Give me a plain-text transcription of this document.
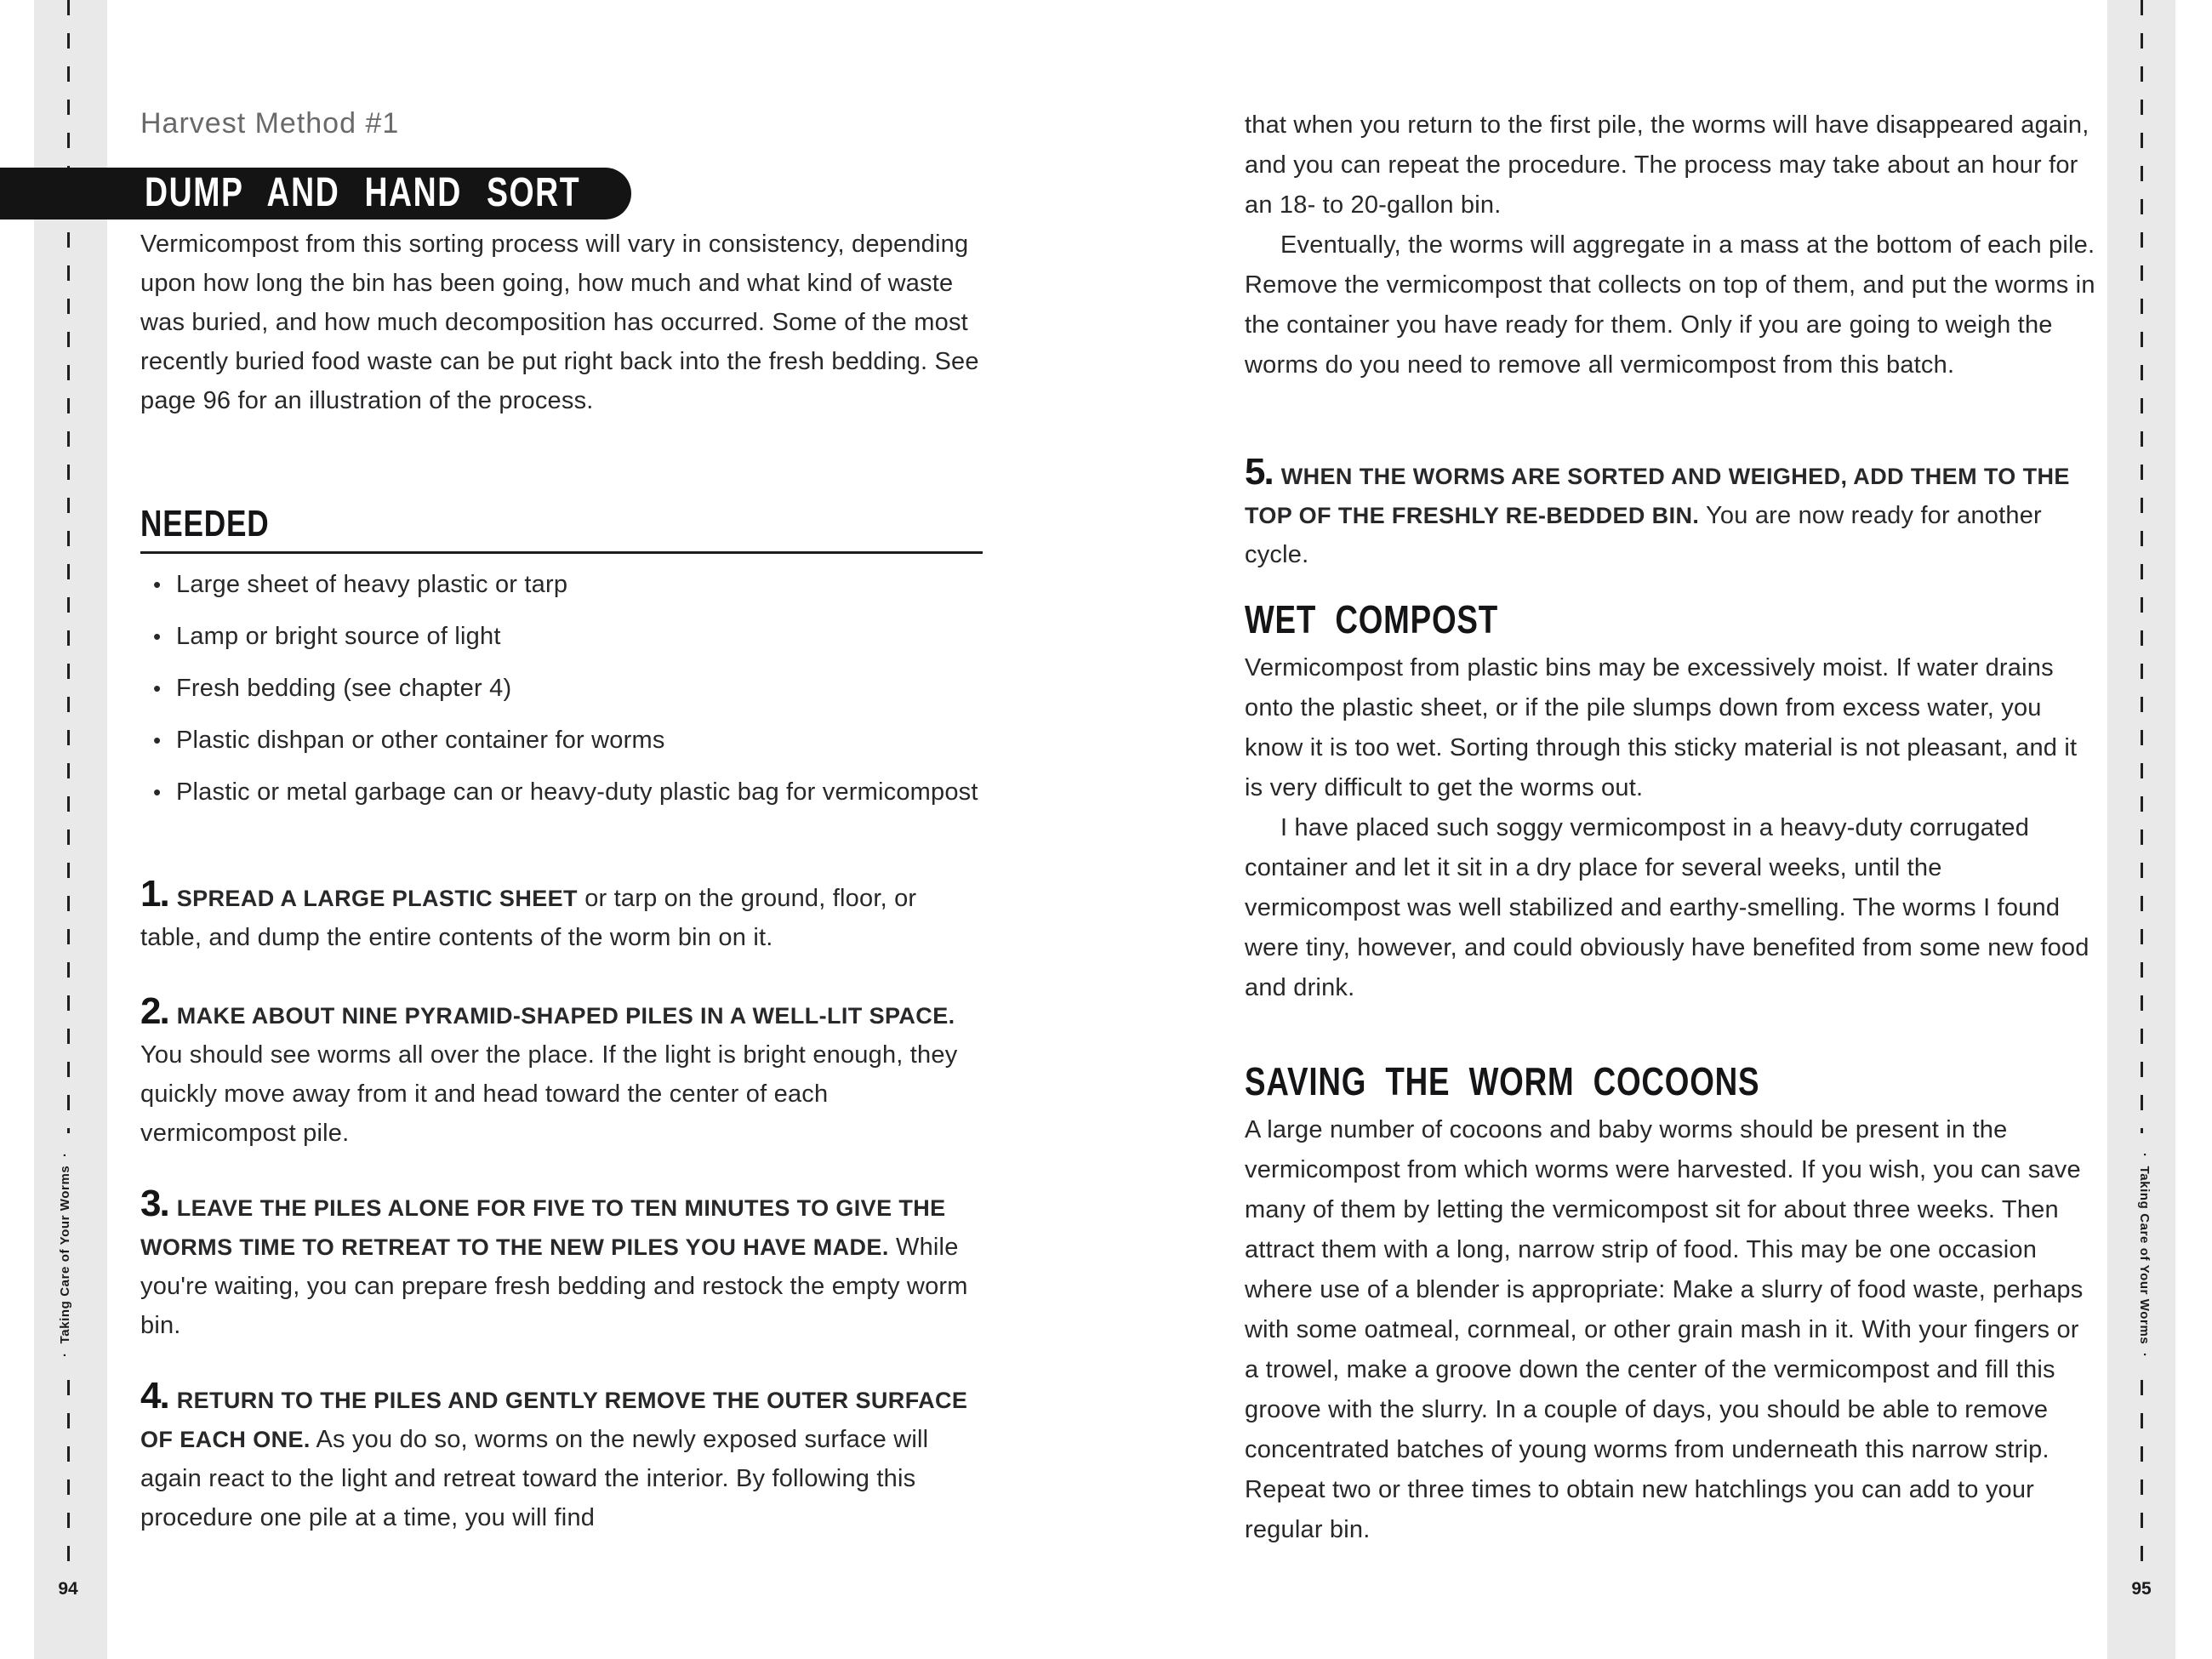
·Taking Care of Your Worms·
94
·Taking Care of Your Worms·
95
DUMP AND HAND SORT
Harvest Method #1

Vermicompost from this sorting process will vary in consistency, depending upon how long the bin has been going, how much and what kind of waste was buried, and how much decomposition has occurred. Some of the most recently buried food waste can be put right back into the fresh bedding. See page 96 for an illustration of the process.

NEEDED
• Large sheet of heavy plastic or tarp
• Lamp or bright source of light
• Fresh bedding (see chapter 4)
• Plastic dishpan or other container for worms
• Plastic or metal garbage can or heavy-duty plastic bag for vermicompost

1. SPREAD A LARGE PLASTIC SHEET or tarp on the ground, floor, or table, and dump the entire contents of the worm bin on it.

2. MAKE ABOUT NINE PYRAMID-SHAPED PILES IN A WELL-LIT SPACE. You should see worms all over the place. If the light is bright enough, they quickly move away from it and head toward the center of each vermicompost pile.

3. LEAVE THE PILES ALONE FOR FIVE TO TEN MINUTES TO GIVE THE WORMS TIME TO RETREAT TO THE NEW PILES YOU HAVE MADE. While you're waiting, you can prepare fresh bedding and restock the empty worm bin.

4. RETURN TO THE PILES AND GENTLY REMOVE THE OUTER SURFACE OF EACH ONE. As you do so, worms on the newly exposed surface will again react to the light and retreat toward the interior. By following this procedure one pile at a time, you will find

that when you return to the first pile, the worms will have disappeared again, and you can repeat the procedure. The process may take about an hour for an 18- to 20-gallon bin.

Eventually, the worms will aggregate in a mass at the bottom of each pile. Remove the vermicompost that collects on top of them, and put the worms in the container you have ready for them. Only if you are going to weigh the worms do you need to remove all vermicompost from this batch.

5. WHEN THE WORMS ARE SORTED AND WEIGHED, ADD THEM TO THE TOP OF THE FRESHLY RE-BEDDED BIN. You are now ready for another cycle.

WET COMPOST

Vermicompost from plastic bins may be excessively moist. If water drains onto the plastic sheet, or if the pile slumps down from excess water, you know it is too wet. Sorting through this sticky material is not pleasant, and it is very difficult to get the worms out.

I have placed such soggy vermicompost in a heavy-duty corrugated container and let it sit in a dry place for several weeks, until the vermicompost was well stabilized and earthy-smelling. The worms I found were tiny, however, and could obviously have benefited from some new food and drink.

SAVING THE WORM COCOONS

A large number of cocoons and baby worms should be present in the vermicompost from which worms were harvested. If you wish, you can save many of them by letting the vermicompost sit for about three weeks. Then attract them with a long, narrow strip of food. This may be one occasion where use of a blender is appropriate: Make a slurry of food waste, perhaps with some oatmeal, cornmeal, or other grain mash in it. With your fingers or a trowel, make a groove down the center of the vermicompost and fill this groove with the slurry. In a couple of days, you should be able to remove concentrated batches of young worms from underneath this narrow strip. Repeat two or three times to obtain new hatchlings you can add to your regular bin.
